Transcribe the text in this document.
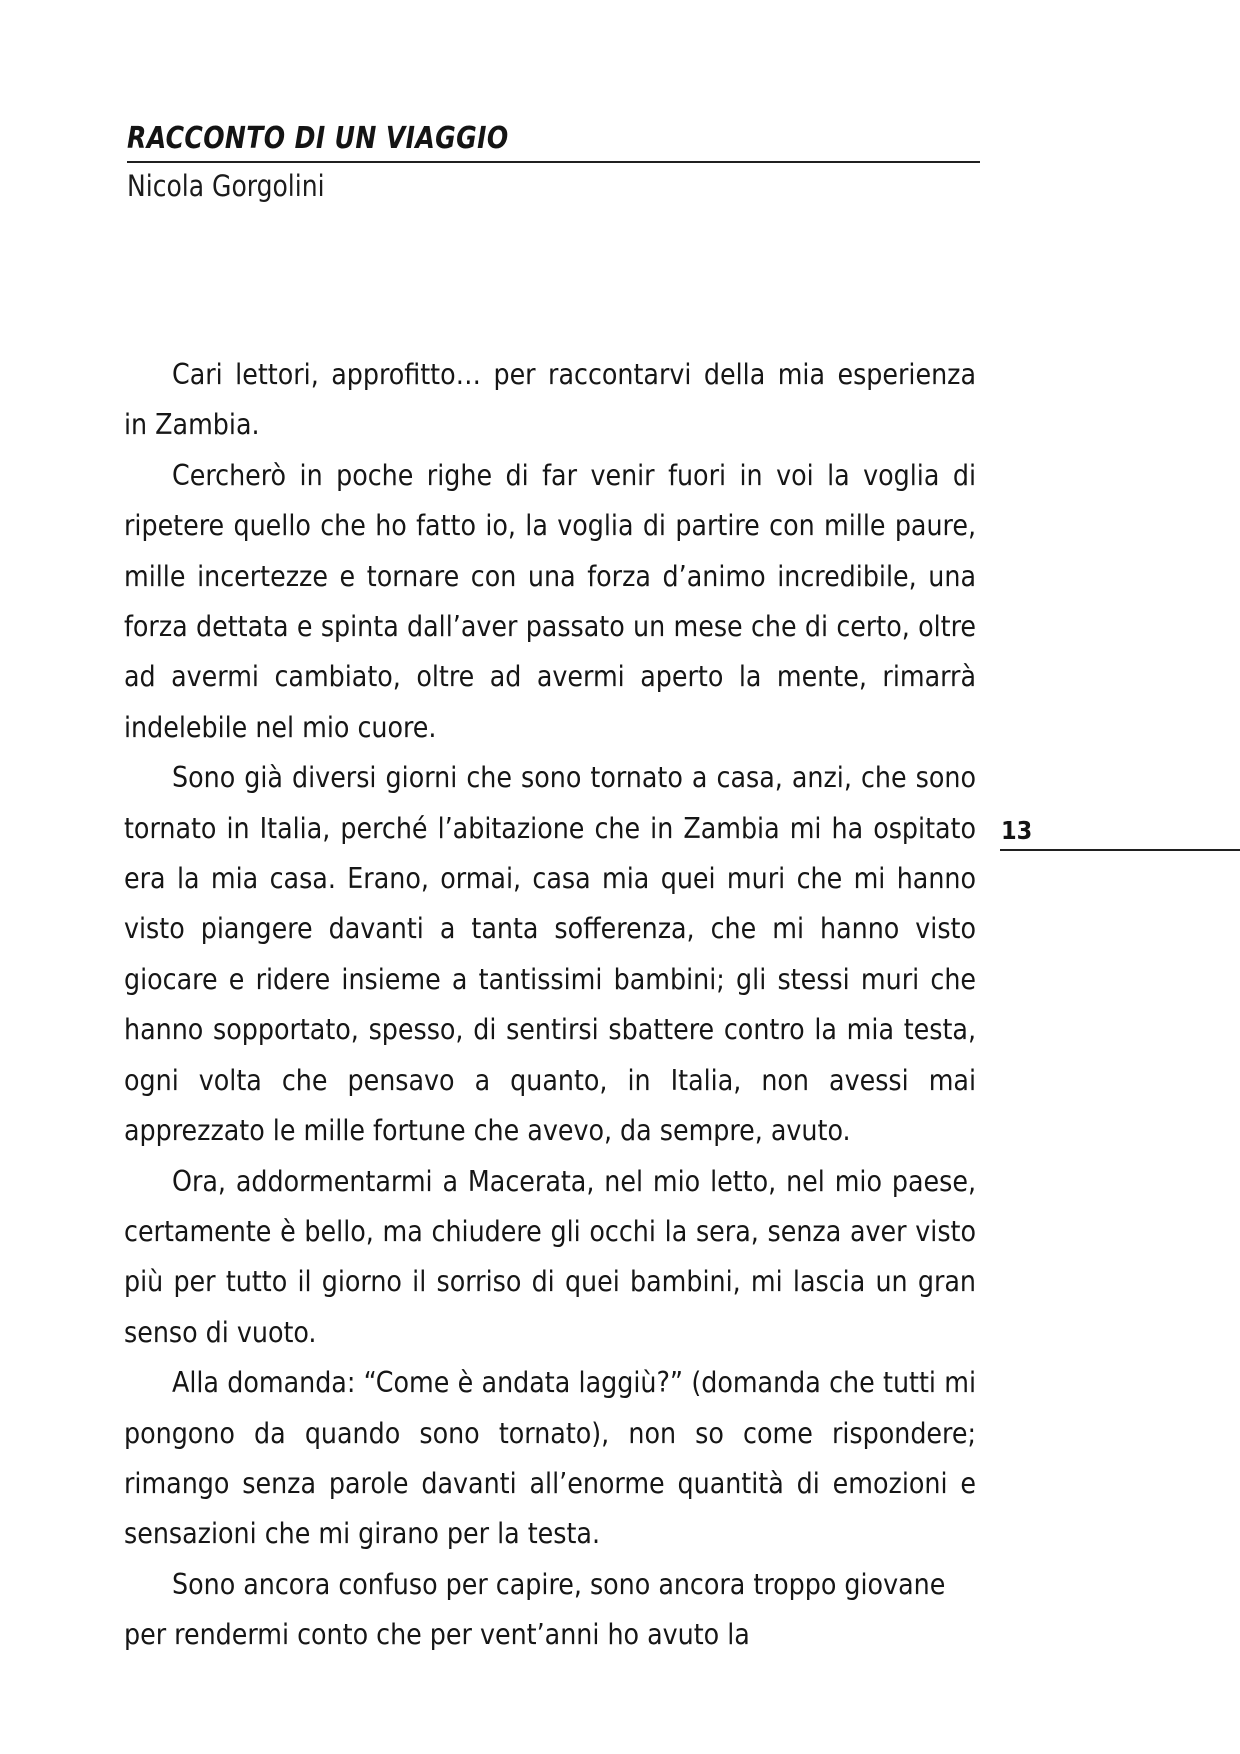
RACCONTO DI UN VIAGGIO

Nicola Gorgolini

Cari lettori, approfitto… per raccontarvi della mia esperienza in Zambia.

Cercherò in poche righe di far venir fuori in voi la voglia di ripetere quello che ho fatto io, la voglia di partire con mille paure, mille incertezze e tornare con una forza d’animo incredibile, una forza dettata e spinta dall’aver passato un mese che di certo, oltre ad avermi cambiato, oltre ad avermi aperto la mente, rimarrà indelebile nel mio cuore.

Sono già diversi giorni che sono tornato a casa, anzi, che sono tornato in Italia, perché l’abitazione che in Zambia mi ha ospitato era la mia casa. Erano, ormai, casa mia quei muri che mi hanno visto piangere davanti a tanta sofferenza, che mi hanno visto giocare e ridere insieme a tantissimi bambini; gli stessi muri che hanno sopportato, spesso, di sentirsi sbattere contro la mia testa, ogni volta che pensavo a quanto, in Italia, non avessi mai apprezzato le mille fortune che avevo, da sempre, avuto.

Ora, addormentarmi a Macerata, nel mio letto, nel mio paese, certamente è bello, ma chiudere gli occhi la sera, senza aver visto più per tutto il giorno il sorriso di quei bambini, mi lascia un gran senso di vuoto.

Alla domanda: “Come è andata laggiù?” (domanda che tutti mi pongono da quando sono tornato), non so come rispondere; rimango senza parole davanti all’enorme quantità di emozioni e sensazioni che mi girano per la testa.

Sono ancora confuso per capire, sono ancora troppo giovane per rendermi conto che per vent’anni ho avuto la

13
